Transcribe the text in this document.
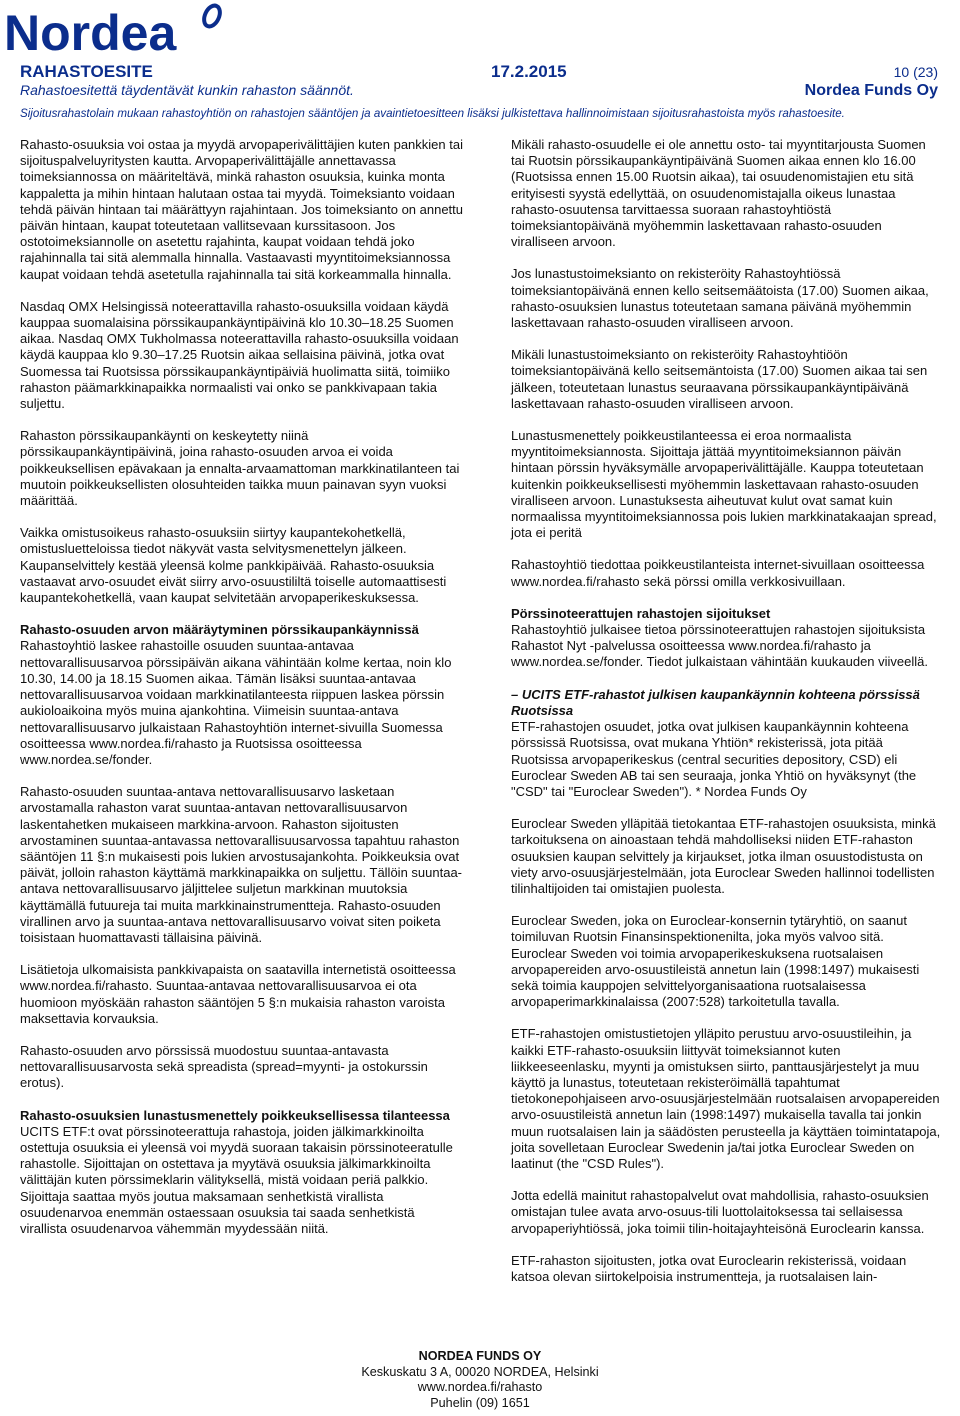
Nordea
RAHASTOESITE	17.2.2015	10 (23)
Rahastoesitettä täydentävät kunkin rahaston säännöt.	Nordea Funds Oy
Sijoitusrahastolain mukaan rahastoyhtiön on rahastojen sääntöjen ja avaintietoesitteen lisäksi julkistettava hallinnoimistaan sijoitusrahastoista myös rahastoesite.

Rahasto-osuuksia voi ostaa ja myydä arvopaperivälittäjien kuten pankkien tai sijoituspalveluyritysten kautta. Arvopaperivälittäjälle annettavassa toimeksiannossa on määriteltävä, minkä rahaston osuuksia, kuinka monta kappaletta ja mihin hintaan halutaan ostaa tai myydä. Toimeksianto voidaan tehdä päivän hintaan tai määrättyyn rajahintaan. Jos toimeksianto on annettu päivän hintaan, kaupat toteutetaan vallitsevaan kurssitasoon. Jos ostotoimeksiannolle on asetettu rajahinta, kaupat voidaan tehdä joko rajahinnalla tai sitä alemmalla hinnalla. Vastaavasti myyntitoimeksiannossa kaupat voidaan tehdä asetetulla rajahinnalla tai sitä korkeammalla hinnalla.

Nasdaq OMX Helsingissä noteerattavilla rahasto-osuuksilla voidaan käydä kauppaa suomalaisina pörssikaupankäyntipäivinä klo 10.30–18.25 Suomen aikaa. Nasdaq OMX Tukholmassa noteerattavilla rahasto-osuuksilla voidaan käydä kauppaa klo 9.30–17.25 Ruotsin aikaa sellaisina päivinä, jotka ovat Suomessa tai Ruotsissa pörssikaupankäyntipäiviä huolimatta siitä, toimiiko rahaston päämarkkinapaikka normaalisti vai onko se pankkivapaan takia suljettu.

Rahaston pörssikaupankäynti on keskeytetty niinä pörssikaupankäyntipäivinä, joina rahasto-osuuden arvoa ei voida poikkeuksellisen epävakaan ja ennalta-arvaamattoman markkinatilanteen tai muutoin poikkeuksellisten olosuhteiden taikka muun painavan syyn vuoksi määrittää.

Vaikka omistusoikeus rahasto-osuuksiin siirtyy kaupantekohetkellä, omistusluetteloissa tiedot näkyvät vasta selvitysmenettelyn jälkeen. Kaupanselvittely kestää yleensä kolme pankkipäivää. Rahasto-osuuksia vastaavat arvo-osuudet eivät siirry arvo-osuustililtä toiselle automaattisesti kaupantekohetkellä, vaan kaupat selvitetään arvopaperikeskuksessa.

Rahasto-osuuden arvon määräytyminen pörssikaupankäynnissä

Rahastoyhtiö laskee rahastoille osuuden suuntaa-antavaa nettovarallisuusarvoa pörssipäivän aikana vähintään kolme kertaa, noin klo 10.30, 14.00 ja 18.15 Suomen aikaa. Tämän lisäksi suuntaa-antavaa nettovarallisuusarvoa voidaan markkinatilanteesta riippuen laskea pörssin aukioloaikoina myös muina ajankohtina. Viimeisin suuntaa-antava nettovarallisuusarvo julkaistaan Rahastoyhtiön internet-sivuilla Suomessa osoitteessa www.nordea.fi/rahasto ja Ruotsissa osoitteessa www.nordea.se/fonder.

Rahasto-osuuden suuntaa-antava nettovarallisuusarvo lasketaan arvostamalla rahaston varat suuntaa-antavan nettovarallisuusarvon laskentahetken mukaiseen markkina-arvoon. Rahaston sijoitusten arvostaminen suuntaa-antavassa nettovarallisuusarvossa tapahtuu rahaston sääntöjen 11 §:n mukaisesti pois lukien arvostusajankohta. Poikkeuksia ovat päivät, jolloin rahaston käyttämä markkinapaikka on suljettu. Tällöin suuntaa-antava nettovarallisuusarvo jäljittelee suljetun markkinan muutoksia käyttämällä futuureja tai muita markkinainstrumentteja. Rahasto-osuuden virallinen arvo ja suuntaa-antava nettovarallisuusarvo voivat siten poiketa toisistaan huomattavasti tällaisina päivinä.

Lisätietoja ulkomaisista pankkivapaista on saatavilla internetistä osoitteessa www.nordea.fi/rahasto. Suuntaa-antavaa nettovarallisuusarvoa ei ota huomioon myöskään rahaston sääntöjen 5 §:n mukaisia rahaston varoista maksettavia korvauksia.

Rahasto-osuuden arvo pörssissä muodostuu suuntaa-antavasta nettovarallisuusarvosta sekä spreadista (spread=myynti- ja ostokurssin erotus).

Rahasto-osuuksien lunastusmenettely poikkeuksellisessa tilanteessa

UCITS ETF:t ovat pörssinoteerattuja rahastoja, joiden jälkimarkkinoilta ostettuja osuuksia ei yleensä voi myydä suoraan takaisin pörssinoteeratulle rahastolle. Sijoittajan on ostettava ja myytävä osuuksia jälkimarkkinoilta välittäjän kuten pörssimeklarin välityksellä, mistä voidaan periä palkkio. Sijoittaja saattaa myös joutua maksamaan senhetkistä virallista osuudenarvoa enemmän ostaessaan osuuksia tai saada senhetkistä virallista osuudenarvoa vähemmän myydessään niitä.

Mikäli rahasto-osuudelle ei ole annettu osto- tai myyntitarjousta Suomen tai Ruotsin pörssikaupankäyntipäivänä Suomen aikaa ennen klo 16.00 (Ruotsissa ennen 15.00 Ruotsin aikaa), tai osuudenomistajien etu sitä erityisesti syystä edellyttää, on osuudenomistajalla oikeus lunastaa rahasto-osuutensa tarvittaessa suoraan rahastoyhtiöstä toimeksiantopäivänä myöhemmin laskettavaan rahasto-osuuden viralliseen arvoon.

Jos lunastustoimeksianto on rekisteröity Rahastoyhtiössä toimeksiantopäivänä ennen kello seitsemäätoista (17.00) Suomen aikaa, rahasto-osuuksien lunastus toteutetaan samana päivänä myöhemmin laskettavaan rahasto-osuuden viralliseen arvoon.

Mikäli lunastustoimeksianto on rekisteröity Rahastoyhtiöön toimeksiantopäivänä kello seitsemäntoista (17.00) Suomen aikaa tai sen jälkeen, toteutetaan lunastus seuraavana pörssikaupankäyntipäivänä laskettavaan rahasto-osuuden viralliseen arvoon.

Lunastusmenettely poikkeustilanteessa ei eroa normaalista myyntitoimeksiannosta. Sijoittaja jättää myyntitoimeksiannon päivän hintaan pörssin hyväksymälle arvopaperivälittäjälle. Kauppa toteutetaan kuitenkin poikkeuksellisesti myöhemmin laskettavaan rahasto-osuuden viralliseen arvoon. Lunastuksesta aiheutuvat kulut ovat samat kuin normaalissa myyntitoimeksiannossa pois lukien markkinatakaajan spread, jota ei peritä

Rahastoyhtiö tiedottaa poikkeustilanteista internet-sivuillaan osoitteessa www.nordea.fi/rahasto sekä pörssi omilla verkkosivuillaan.

Pörssinoteerattujen rahastojen sijoitukset

Rahastoyhtiö julkaisee tietoa pörssinoteerattujen rahastojen sijoituksista Rahastot Nyt -palvelussa osoitteessa www.nordea.fi/rahasto ja www.nordea.se/fonder. Tiedot julkaistaan vähintään kuukauden viiveellä.

– UCITS ETF-rahastot julkisen kaupankäynnin kohteena pörssissä Ruotsissa

ETF-rahastojen osuudet, jotka ovat julkisen kaupankäynnin kohteena pörssissä Ruotsissa, ovat mukana Yhtiön* rekisterissä, jota pitää Ruotsissa arvopaperikeskus (central securities depository, CSD) eli Euroclear Sweden AB tai sen seuraaja, jonka Yhtiö on hyväksynyt (the "CSD" tai "Euroclear Sweden"). * Nordea Funds Oy

Euroclear Sweden ylläpitää tietokantaa ETF-rahastojen osuuksista, minkä tarkoituksena on ainoastaan tehdä mahdolliseksi niiden ETF-rahaston osuuksien kaupan selvittely ja kirjaukset, jotka ilman osuustodistusta on viety arvo-osuusjärjestelmään, jota Euroclear Sweden hallinnoi todellisten tilinhaltijoiden tai omistajien puolesta.

Euroclear Sweden, joka on Euroclear-konsernin tytäryhtiö, on saanut toimiluvan Ruotsin Finansinspektionenilta, joka myös valvoo sitä. Euroclear Sweden voi toimia arvopaperikeskuksena ruotsalaisen arvopapereiden arvo-osuustileistä annetun lain (1998:1497) mukaisesti sekä toimia kauppojen selvittelyorganisaationa ruotsalaisessa arvopaperimarkkinalaissa (2007:528) tarkoitetulla tavalla.

ETF-rahastojen omistustietojen ylläpito perustuu arvo-osuustileihin, ja kaikki ETF-rahasto-osuuksiin liittyvät toimeksiannot kuten liikkeeseenlasku, myynti ja omistuksen siirto, panttausjärjestelyt ja muu käyttö ja lunastus, toteutetaan rekisteröimällä tapahtumat tietokonepohjaiseen arvo-osuusjärjestelmään ruotsalaisen arvopapereiden arvo-osuustileistä annetun lain (1998:1497) mukaisella tavalla tai jonkin muun ruotsalaisen lain ja säädösten perusteella ja käyttäen toimintatapoja, joita sovelletaan Euroclear Swedenin ja/tai jotka Euroclear Sweden on laatinut (the "CSD Rules").

Jotta edellä mainitut rahastopalvelut ovat mahdollisia, rahasto-osuuksien omistajan tulee avata arvo-osuus-tili luottolaitoksessa tai sellaisessa arvopaperiyhtiössä, joka toimii tilin-hoitajayhteisönä Euroclearin kanssa.

ETF-rahaston sijoitusten, jotka ovat Euroclearin rekisterissä, voidaan katsoa olevan siirtokelpoisia instrumentteja, ja ruotsalaisen lain-

NORDEA FUNDS OY
Keskuskatu 3 A, 00020 NORDEA, Helsinki
www.nordea.fi/rahasto
Puhelin (09) 1651
